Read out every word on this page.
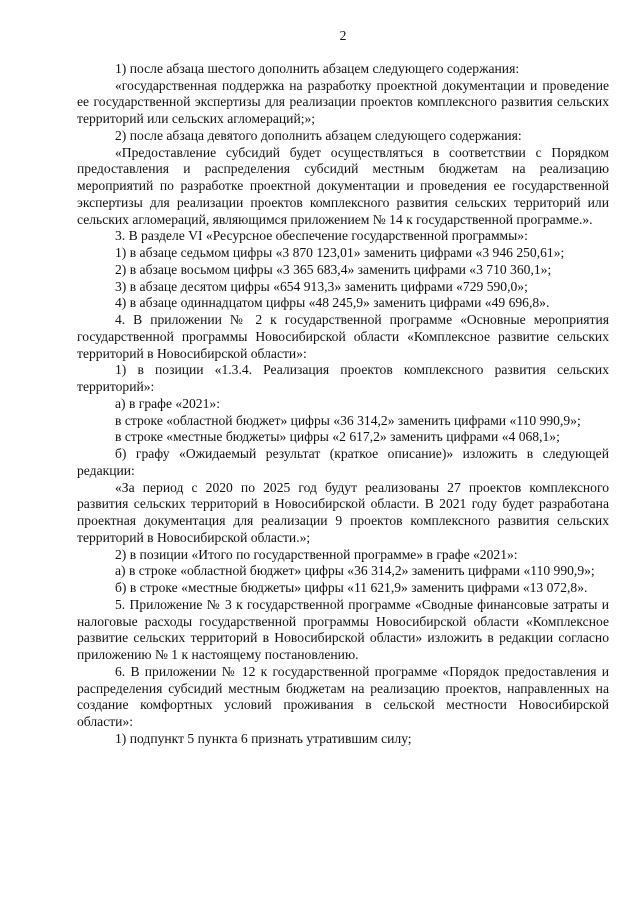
2

1) после абзаца шестого дополнить абзацем следующего содержания:

«государственная поддержка на разработку проектной документации и проведение ее государственной экспертизы для реализации проектов комплексного развития сельских территорий или сельских агломераций;»;

2) после абзаца девятого дополнить абзацем следующего содержания:

«Предоставление субсидий будет осуществляться в соответствии с Порядком предоставления и распределения субсидий местным бюджетам на реализацию мероприятий по разработке проектной документации и проведения ее государственной экспертизы для реализации проектов комплексного развития сельских территорий или сельских агломераций, являющимся приложением № 14 к государственной программе.».

3. В разделе VI «Ресурсное обеспечение государственной программы»:

1) в абзаце седьмом цифры «3 870 123,01» заменить цифрами «3 946 250,61»;

2) в абзаце восьмом цифры «3 365 683,4» заменить цифрами «3 710 360,1»;

3) в абзаце десятом цифры «654 913,3» заменить цифрами «729 590,0»;

4) в абзаце одиннадцатом цифры «48 245,9» заменить цифрами «49 696,8».

4. В приложении № 2 к государственной программе «Основные мероприятия государственной программы Новосибирской области «Комплексное развитие сельских территорий в Новосибирской области»:

1) в позиции «1.3.4. Реализация проектов комплексного развития сельских территорий»:

а) в графе «2021»:

в строке «областной бюджет» цифры «36 314,2» заменить цифрами «110 990,9»;

в строке «местные бюджеты» цифры «2 617,2» заменить цифрами «4 068,1»;

б) графу «Ожидаемый результат (краткое описание)» изложить в следующей редакции:

«За период с 2020 по 2025 год будут реализованы 27 проектов комплексного развития сельских территорий в Новосибирской области. В 2021 году будет разработана проектная документация для реализации 9 проектов комплексного развития сельских территорий в Новосибирской области.»;

2) в позиции «Итого по государственной программе» в графе «2021»:

а) в строке «областной бюджет» цифры «36 314,2» заменить цифрами «110 990,9»;

б) в строке «местные бюджеты» цифры «11 621,9» заменить цифрами «13 072,8».

5. Приложение № 3 к государственной программе «Сводные финансовые затраты и налоговые расходы государственной программы Новосибирской области «Комплексное развитие сельских территорий в Новосибирской области» изложить в редакции согласно приложению № 1 к настоящему постановлению.

6. В приложении № 12 к государственной программе «Порядок предоставления и распределения субсидий местным бюджетам на реализацию проектов, направленных на создание комфортных условий проживания в сельской местности Новосибирской области»:

1) подпункт 5 пункта 6 признать утратившим силу;
